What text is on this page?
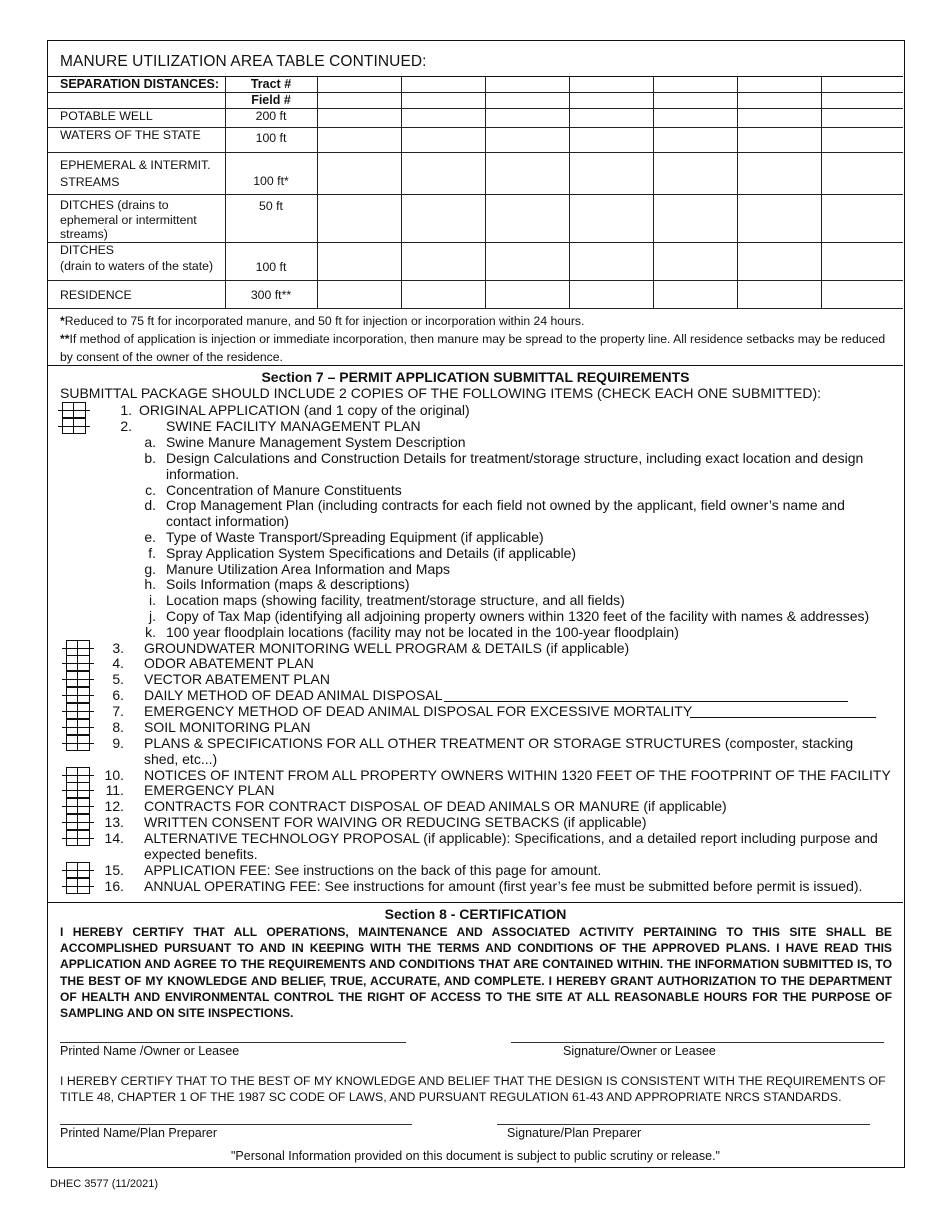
MANURE UTILIZATION AREA TABLE CONTINUED:
SEPARATION DISTANCES:	Tract #							
	Field #							
POTABLE WELL	200 ft							
WATERS OF THE STATE	100 ft							
EPHEMERAL & INTERMIT.
STREAMS	100 ft*							
DITCHES (drains to
ephemeral or intermittent
streams)	50 ft							
DITCHES
(drain to waters of the state)	100 ft							
RESIDENCE	300 ft**							
*Reduced to 75 ft for incorporated manure, and 50 ft for injection or incorporation within 24 hours.
**If method of application is injection or immediate incorporation, then manure may be spread to the property line. All residence setbacks may be reduced by consent of the owner of the residence.
Section 7 – PERMIT APPLICATION SUBMITTAL REQUIREMENTS
SUBMITTAL PACKAGE SHOULD INCLUDE 2 COPIES OF THE FOLLOWING ITEMS (CHECK EACH ONE SUBMITTED):
1. ORIGINAL APPLICATION (and 1 copy of the original)
2. SWINE FACILITY MANAGEMENT PLAN
a. Swine Manure Management System Description
b. Design Calculations and Construction Details for treatment/storage structure, including exact location and design information.
c. Concentration of Manure Constituents
d. Crop Management Plan (including contracts for each field not owned by the applicant, field owner’s name and contact information)
e. Type of Waste Transport/Spreading Equipment (if applicable)
f. Spray Application System Specifications and Details (if applicable)
g. Manure Utilization Area Information and Maps
h. Soils Information (maps & descriptions)
i. Location maps (showing facility, treatment/storage structure, and all fields)
j. Copy of Tax Map (identifying all adjoining property owners within 1320 feet of the facility with names & addresses)
k. 100 year floodplain locations (facility may not be located in the 100-year floodplain)
3. GROUNDWATER MONITORING WELL PROGRAM & DETAILS (if applicable)
4. ODOR ABATEMENT PLAN
5. VECTOR ABATEMENT PLAN
6. DAILY METHOD OF DEAD ANIMAL DISPOSAL
7. EMERGENCY METHOD OF DEAD ANIMAL DISPOSAL FOR EXCESSIVE MORTALITY
8. SOIL MONITORING PLAN
9. PLANS & SPECIFICATIONS FOR ALL OTHER TREATMENT OR STORAGE STRUCTURES (composter, stacking shed, etc...)
10. NOTICES OF INTENT FROM ALL PROPERTY OWNERS WITHIN 1320 FEET OF THE FOOTPRINT OF THE FACILITY
11. EMERGENCY PLAN
12. CONTRACTS FOR CONTRACT DISPOSAL OF DEAD ANIMALS OR MANURE (if applicable)
13. WRITTEN CONSENT FOR WAIVING OR REDUCING SETBACKS (if applicable)
14. ALTERNATIVE TECHNOLOGY PROPOSAL (if applicable): Specifications, and a detailed report including purpose and expected benefits.
15. APPLICATION FEE: See instructions on the back of this page for amount.
16. ANNUAL OPERATING FEE: See instructions for amount (first year’s fee must be submitted before permit is issued).
Section 8 - CERTIFICATION
I HEREBY CERTIFY THAT ALL OPERATIONS, MAINTENANCE AND ASSOCIATED ACTIVITY PERTAINING TO THIS SITE SHALL BE ACCOMPLISHED PURSUANT TO AND IN KEEPING WITH THE TERMS AND CONDITIONS OF THE APPROVED PLANS. I HAVE READ THIS APPLICATION AND AGREE TO THE REQUIREMENTS AND CONDITIONS THAT ARE CONTAINED WITHIN. THE INFORMATION SUBMITTED IS, TO THE BEST OF MY KNOWLEDGE AND BELIEF, TRUE, ACCURATE, AND COMPLETE. I HEREBY GRANT AUTHORIZATION TO THE DEPARTMENT OF HEALTH AND ENVIRONMENTAL CONTROL THE RIGHT OF ACCESS TO THE SITE AT ALL REASONABLE HOURS FOR THE PURPOSE OF SAMPLING AND ON SITE INSPECTIONS.
Printed Name /Owner or Leasee	Signature/Owner or Leasee
I HEREBY CERTIFY THAT TO THE BEST OF MY KNOWLEDGE AND BELIEF THAT THE DESIGN IS CONSISTENT WITH THE REQUIREMENTS OF TITLE 48, CHAPTER 1 OF THE 1987 SC CODE OF LAWS, AND PURSUANT REGULATION 61-43 AND APPROPRIATE NRCS STANDARDS.
Printed Name/Plan Preparer	Signature/Plan Preparer
"Personal Information provided on this document is subject to public scrutiny or release."
DHEC 3577 (11/2021)
